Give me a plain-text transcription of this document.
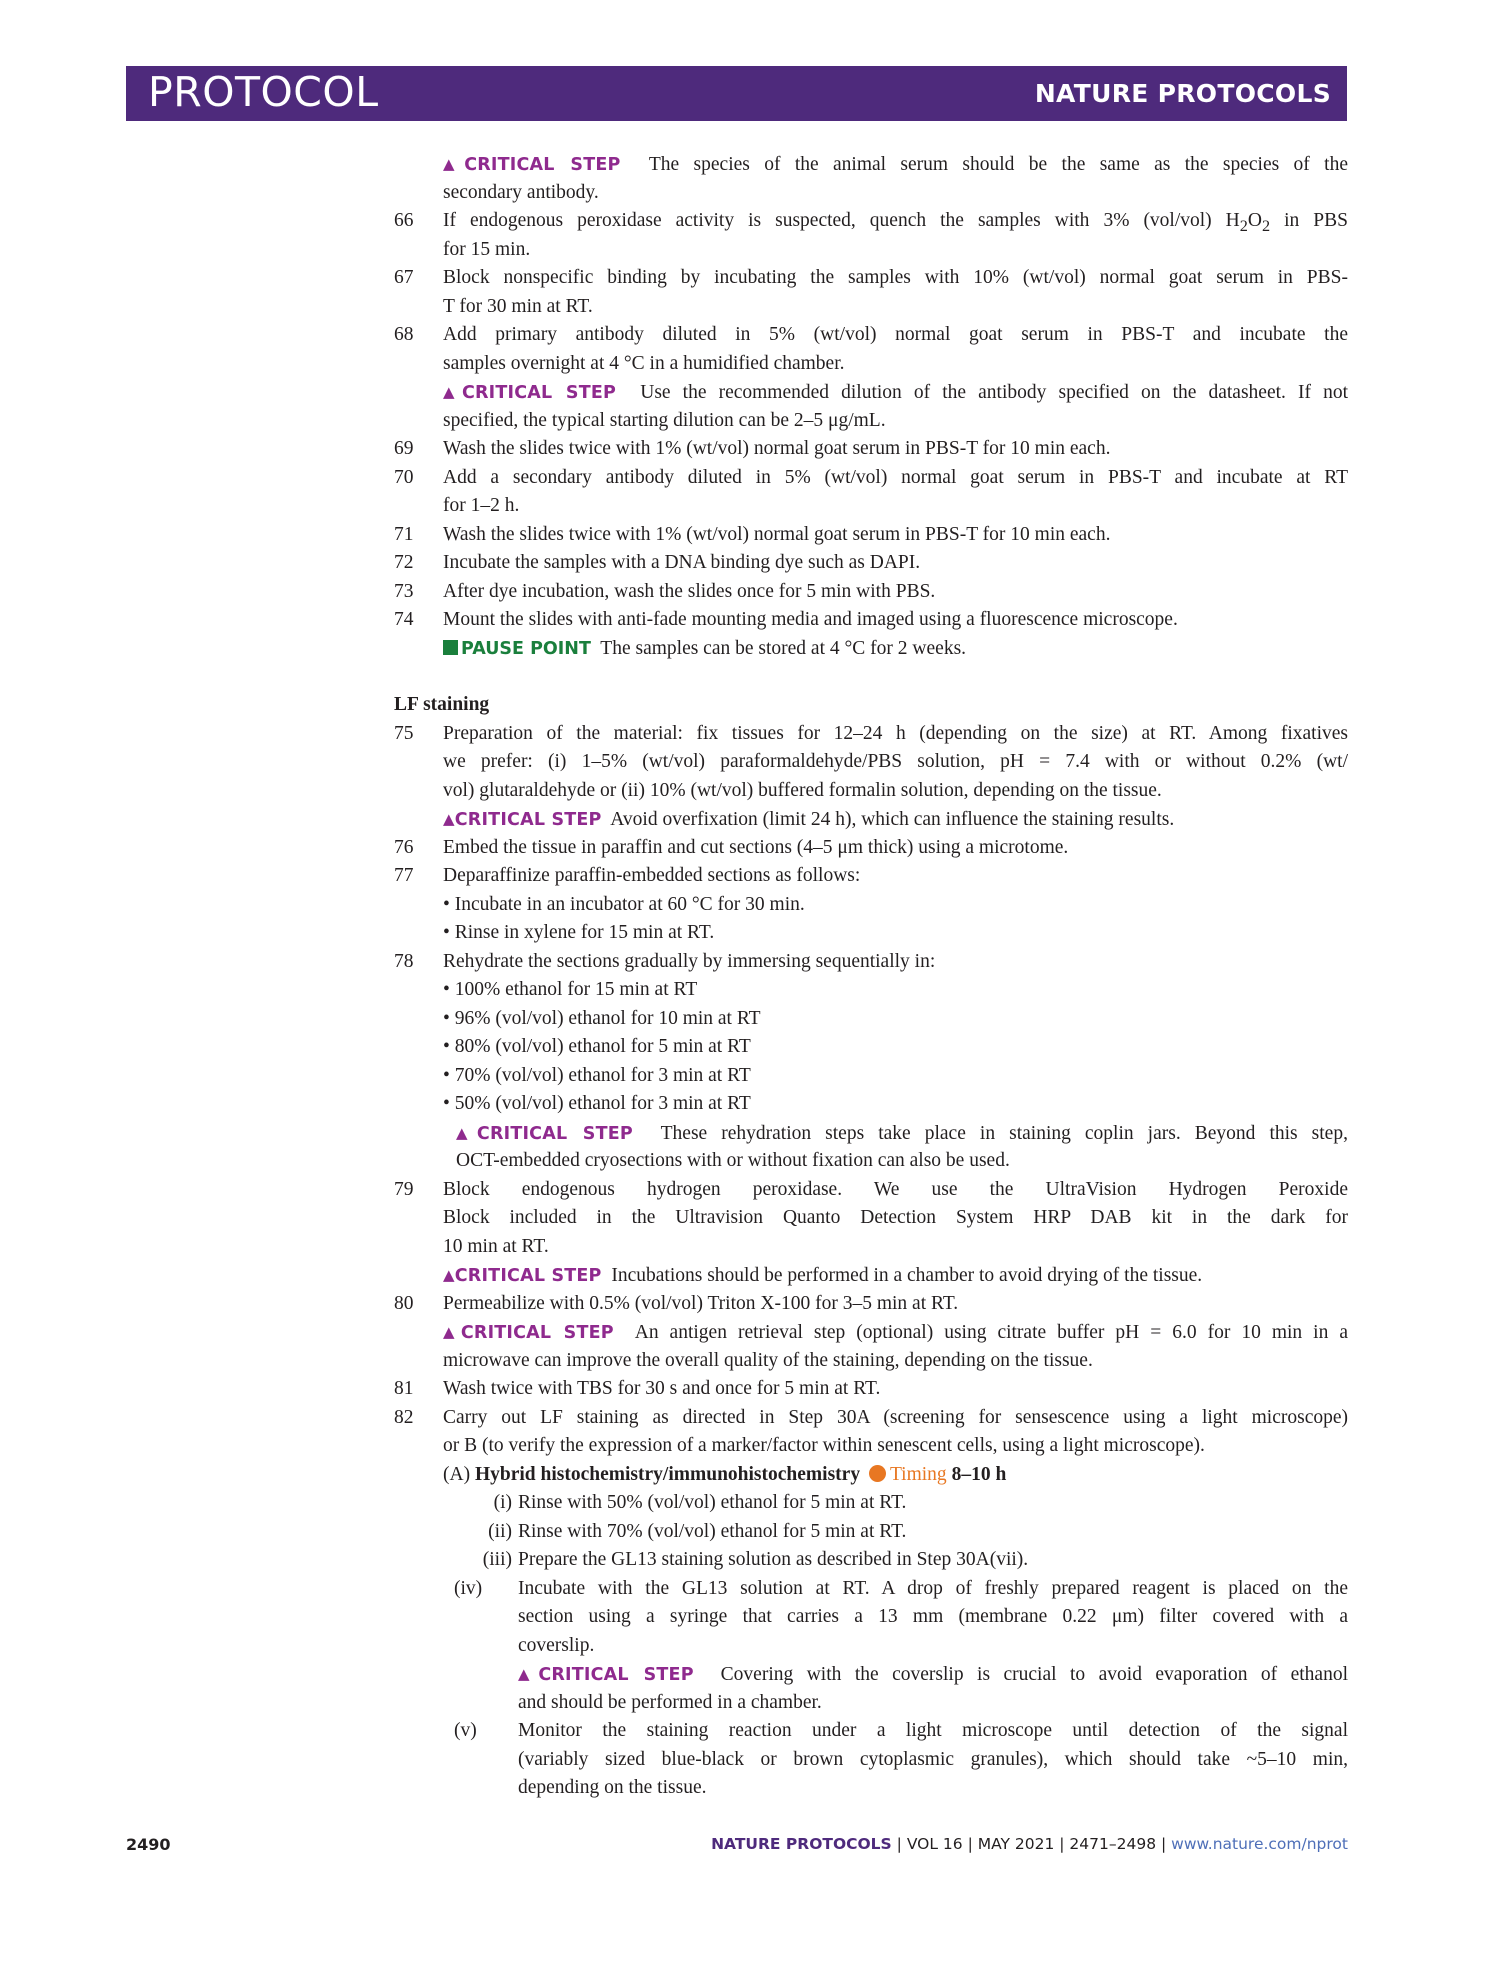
PROTOCOL	NATURE PROTOCOLS
▲CRITICAL STEP The species of the animal serum should be the same as the species of the
secondary antibody.
66	If endogenous peroxidase activity is suspected, quench the samples with 3% (vol/vol) $H_2O_2$ in PBS
for 15 min.
67	Block nonspecific binding by incubating the samples with 10% (wt/vol) normal goat serum in PBS-
T for 30 min at RT.
68	Add primary antibody diluted in 5% (wt/vol) normal goat serum in PBS-T and incubate the
samples overnight at 4 °C in a humidified chamber.
▲CRITICAL STEP Use the recommended dilution of the antibody specified on the datasheet. If not
specified, the typical starting dilution can be 2–5 μg/mL.
69	Wash the slides twice with 1% (wt/vol) normal goat serum in PBS-T for 10 min each.
70	Add a secondary antibody diluted in 5% (wt/vol) normal goat serum in PBS-T and incubate at RT
for 1–2 h.
71	Wash the slides twice with 1% (wt/vol) normal goat serum in PBS-T for 10 min each.
72	Incubate the samples with a DNA binding dye such as DAPI.
73	After dye incubation, wash the slides once for 5 min with PBS.
74	Mount the slides with anti-fade mounting media and imaged using a fluorescence microscope.
PAUSE POINT The samples can be stored at 4 °C for 2 weeks.
LF staining
75	Preparation of the material: fix tissues for 12–24 h (depending on the size) at RT. Among fixatives
we prefer: (i) 1–5% (wt/vol) paraformaldehyde/PBS solution, pH = 7.4 with or without 0.2% (wt/
vol) glutaraldehyde or (ii) 10% (wt/vol) buffered formalin solution, depending on the tissue.
▲CRITICAL STEP Avoid overfixation (limit 24 h), which can influence the staining results.
76	Embed the tissue in paraffin and cut sections (4–5 μm thick) using a microtome.
77	Deparaffinize paraffin-embedded sections as follows:
• Incubate in an incubator at 60 °C for 30 min.
• Rinse in xylene for 15 min at RT.
78	Rehydrate the sections gradually by immersing sequentially in:
• 100% ethanol for 15 min at RT
• 96% (vol/vol) ethanol for 10 min at RT
• 80% (vol/vol) ethanol for 5 min at RT
• 70% (vol/vol) ethanol for 3 min at RT
• 50% (vol/vol) ethanol for 3 min at RT
▲CRITICAL STEP These rehydration steps take place in staining coplin jars. Beyond this step,
OCT-embedded cryosections with or without fixation can also be used.
79	Block endogenous hydrogen peroxidase. We use the UltraVision Hydrogen Peroxide
Block included in the Ultravision Quanto Detection System HRP DAB kit in the dark for
10 min at RT.
▲CRITICAL STEP Incubations should be performed in a chamber to avoid drying of the tissue.
80	Permeabilize with 0.5% (vol/vol) Triton X-100 for 3–5 min at RT.
▲CRITICAL STEP An antigen retrieval step (optional) using citrate buffer pH = 6.0 for 10 min in a
microwave can improve the overall quality of the staining, depending on the tissue.
81	Wash twice with TBS for 30 s and once for 5 min at RT.
82	Carry out LF staining as directed in Step 30A (screening for sensescence using a light microscope)
or B (to verify the expression of a marker/factor within senescent cells, using a light microscope).
(A) Hybrid histochemistry/immunohistochemistry Timing 8–10 h
(i) Rinse with 50% (vol/vol) ethanol for 5 min at RT.
(ii) Rinse with 70% (vol/vol) ethanol for 5 min at RT.
(iii) Prepare the GL13 staining solution as described in Step 30A(vii).
(iv)	Incubate with the GL13 solution at RT. A drop of freshly prepared reagent is placed on the
section using a syringe that carries a 13 mm (membrane 0.22 μm) filter covered with a
coverslip.
▲CRITICAL STEP Covering with the coverslip is crucial to avoid evaporation of ethanol
and should be performed in a chamber.
(v)	Monitor the staining reaction under a light microscope until detection of the signal
(variably sized blue-black or brown cytoplasmic granules), which should take ~5–10 min,
depending on the tissue.
2490	NATURE PROTOCOLS | VOL 16 | MAY 2021 | 2471–2498 | www.nature.com/nprot
